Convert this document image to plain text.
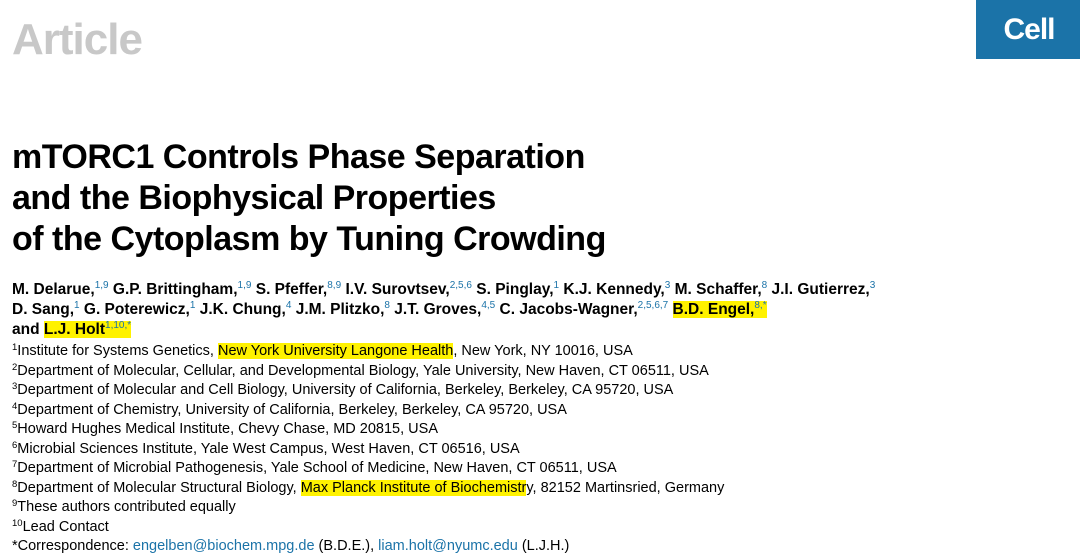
Article	Cell
mTORC1 Controls Phase Separation
and the Biophysical Properties
of the Cytoplasm by Tuning Crowding
M. Delarue,$^{1,9}$ G.P. Brittingham,$^{1,9}$ S. Pfeffer,$^{8,9}$ I.V. Surovtsev,$^{2,5,6}$ S. Pinglay,$^1$ K.J. Kennedy,$^3$ M. Schaffer,$^8$ J.I. Gutierrez,$^3$
D. Sang,$^1$ G. Poterewicz,$^1$ J.K. Chung,$^4$ J.M. Plitzko,$^8$ J.T. Groves,$^{4,5}$ C. Jacobs-Wagner,$^{2,5,6,7}$ B.D. Engel,$^{8,*}$
and L.J. Holt$^{1,10,*}$
$^1$Institute for Systems Genetics, New York University Langone Health, New York, NY 10016, USA
$^2$Department of Molecular, Cellular, and Developmental Biology, Yale University, New Haven, CT 06511, USA
$^3$Department of Molecular and Cell Biology, University of California, Berkeley, Berkeley, CA 95720, USA
$^4$Department of Chemistry, University of California, Berkeley, Berkeley, CA 95720, USA
$^5$Howard Hughes Medical Institute, Chevy Chase, MD 20815, USA
$^6$Microbial Sciences Institute, Yale West Campus, West Haven, CT 06516, USA
$^7$Department of Microbial Pathogenesis, Yale School of Medicine, New Haven, CT 06511, USA
$^8$Department of Molecular Structural Biology, Max Planck Institute of Biochemistry, 82152 Martinsried, Germany
$^9$These authors contributed equally
$^{10}$Lead Contact
*Correspondence: engelben@biochem.mpg.de (B.D.E.), liam.holt@nyumc.edu (L.J.H.)
